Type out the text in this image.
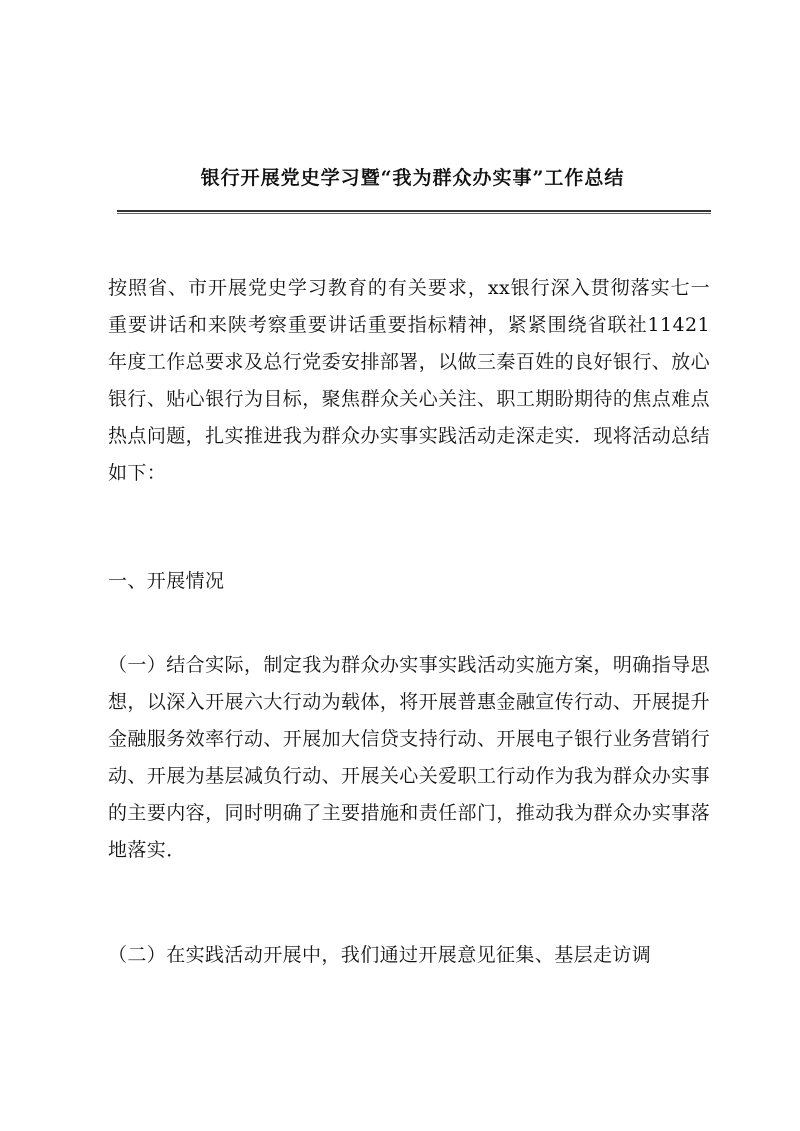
银行开展党史学习暨“我为群众办实事”工作总结

按照省、市开展党史学习教育的有关要求，xx银行深入贯彻落实七一重要讲话和来陕考察重要讲话重要指标精神，紧紧围绕省联社11421年度工作总要求及总行党委安排部署，以做三秦百姓的良好银行、放心银行、贴心银行为目标，聚焦群众关心关注、职工期盼期待的焦点难点热点问题，扎实推进我为群众办实事实践活动走深走实．现将活动总结如下：

一、开展情况

（一）结合实际，制定我为群众办实事实践活动实施方案，明确指导思想，以深入开展六大行动为载体，将开展普惠金融宣传行动、开展提升金融服务效率行动、开展加大信贷支持行动、开展电子银行业务营销行动、开展为基层减负行动、开展关心关爱职工行动作为我为群众办实事的主要内容，同时明确了主要措施和责任部门，推动我为群众办实事落地落实．

（二）在实践活动开展中，我们通过开展意见征集、基层走访调
